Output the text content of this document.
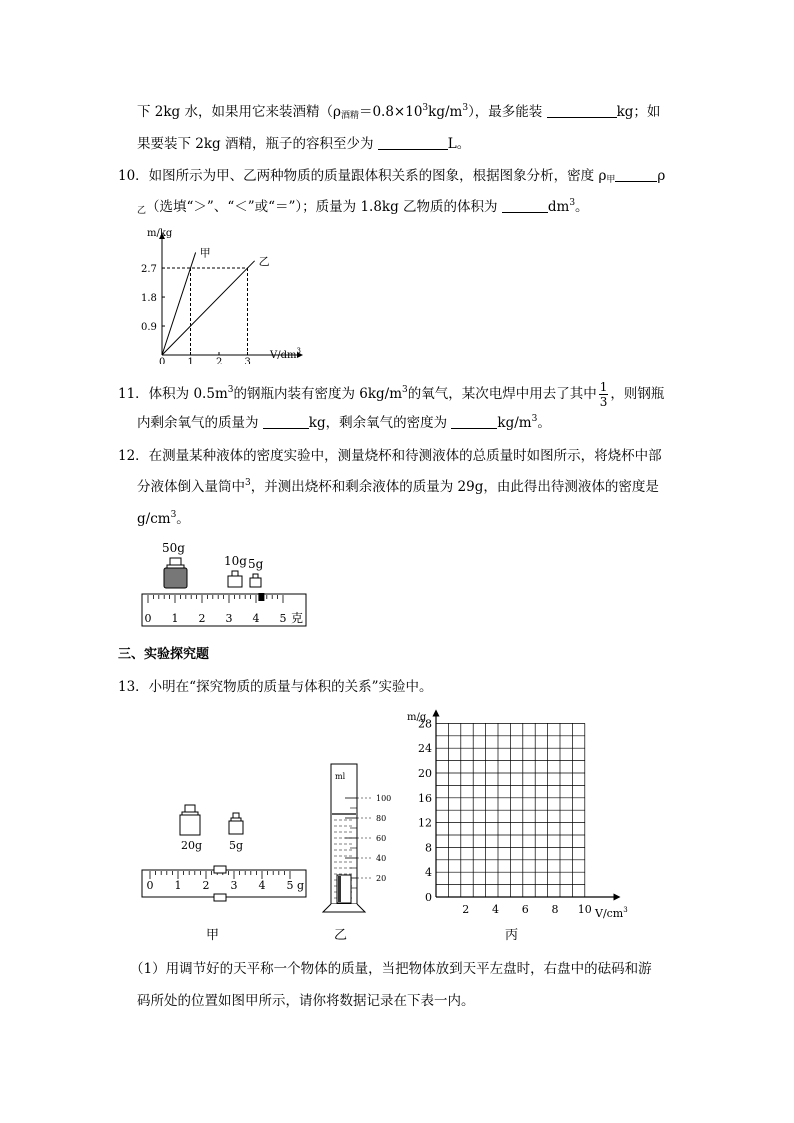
下 2kg 水，如果用它来装酒精$(\rho_{酒精}=0.8\times 10^3kg/m^3)$，最多能装	kg；如
果要装下 2kg 酒精，瓶子的容积至少为	L。
10．如图所示为甲、乙两种物质的质量跟体积关系的图象，根据图象分析，密度 $\rho_甲$	ρ
$_乙$（选填“＞”、“＜”或“＝”）；质量为 1.8kg 乙物质的体积为	$dm^3$。
m/kg
$V/dm^3$
0 1 2 3
0.9
1.8
2.7
甲
乙
11．体积为 $0.5m^3$的钢瓶内装有密度为 $6kg/m^3$的氧气，某次电焊中用去了其中 $\frac{1}{3}$ ，则钢瓶
内剩余氧气的质量为	kg，剩余氧气的密度为	$kg/m^3$。
12．在测量某种液体的密度实验中，测量烧杯和待测液体的总质量时如图所示，将烧杯中部
分液体倒入量筒中$^3$，并测出烧杯和剩余液体的质量为 29g，由此得出待测液体的密度是
$g/cm^3$。
50g
10g 5g
0 1 2 3 4 5 克
三、实验探究题
13．小明在“探究物质的质量与体积的关系”实验中。
20g 5g
0 1 2 3 4 5 g
甲
ml
100
80
60
40
20
乙
m/g
0
4
8
12
16
20
24
28
2 4 6 8 10 $V/cm^3$
丙
（1）用调节好的天平称一个物体的质量，当把物体放到天平左盘时，右盘中的砝码和游
码所处的位置如图甲所示，请你将数据记录在下表一内。
